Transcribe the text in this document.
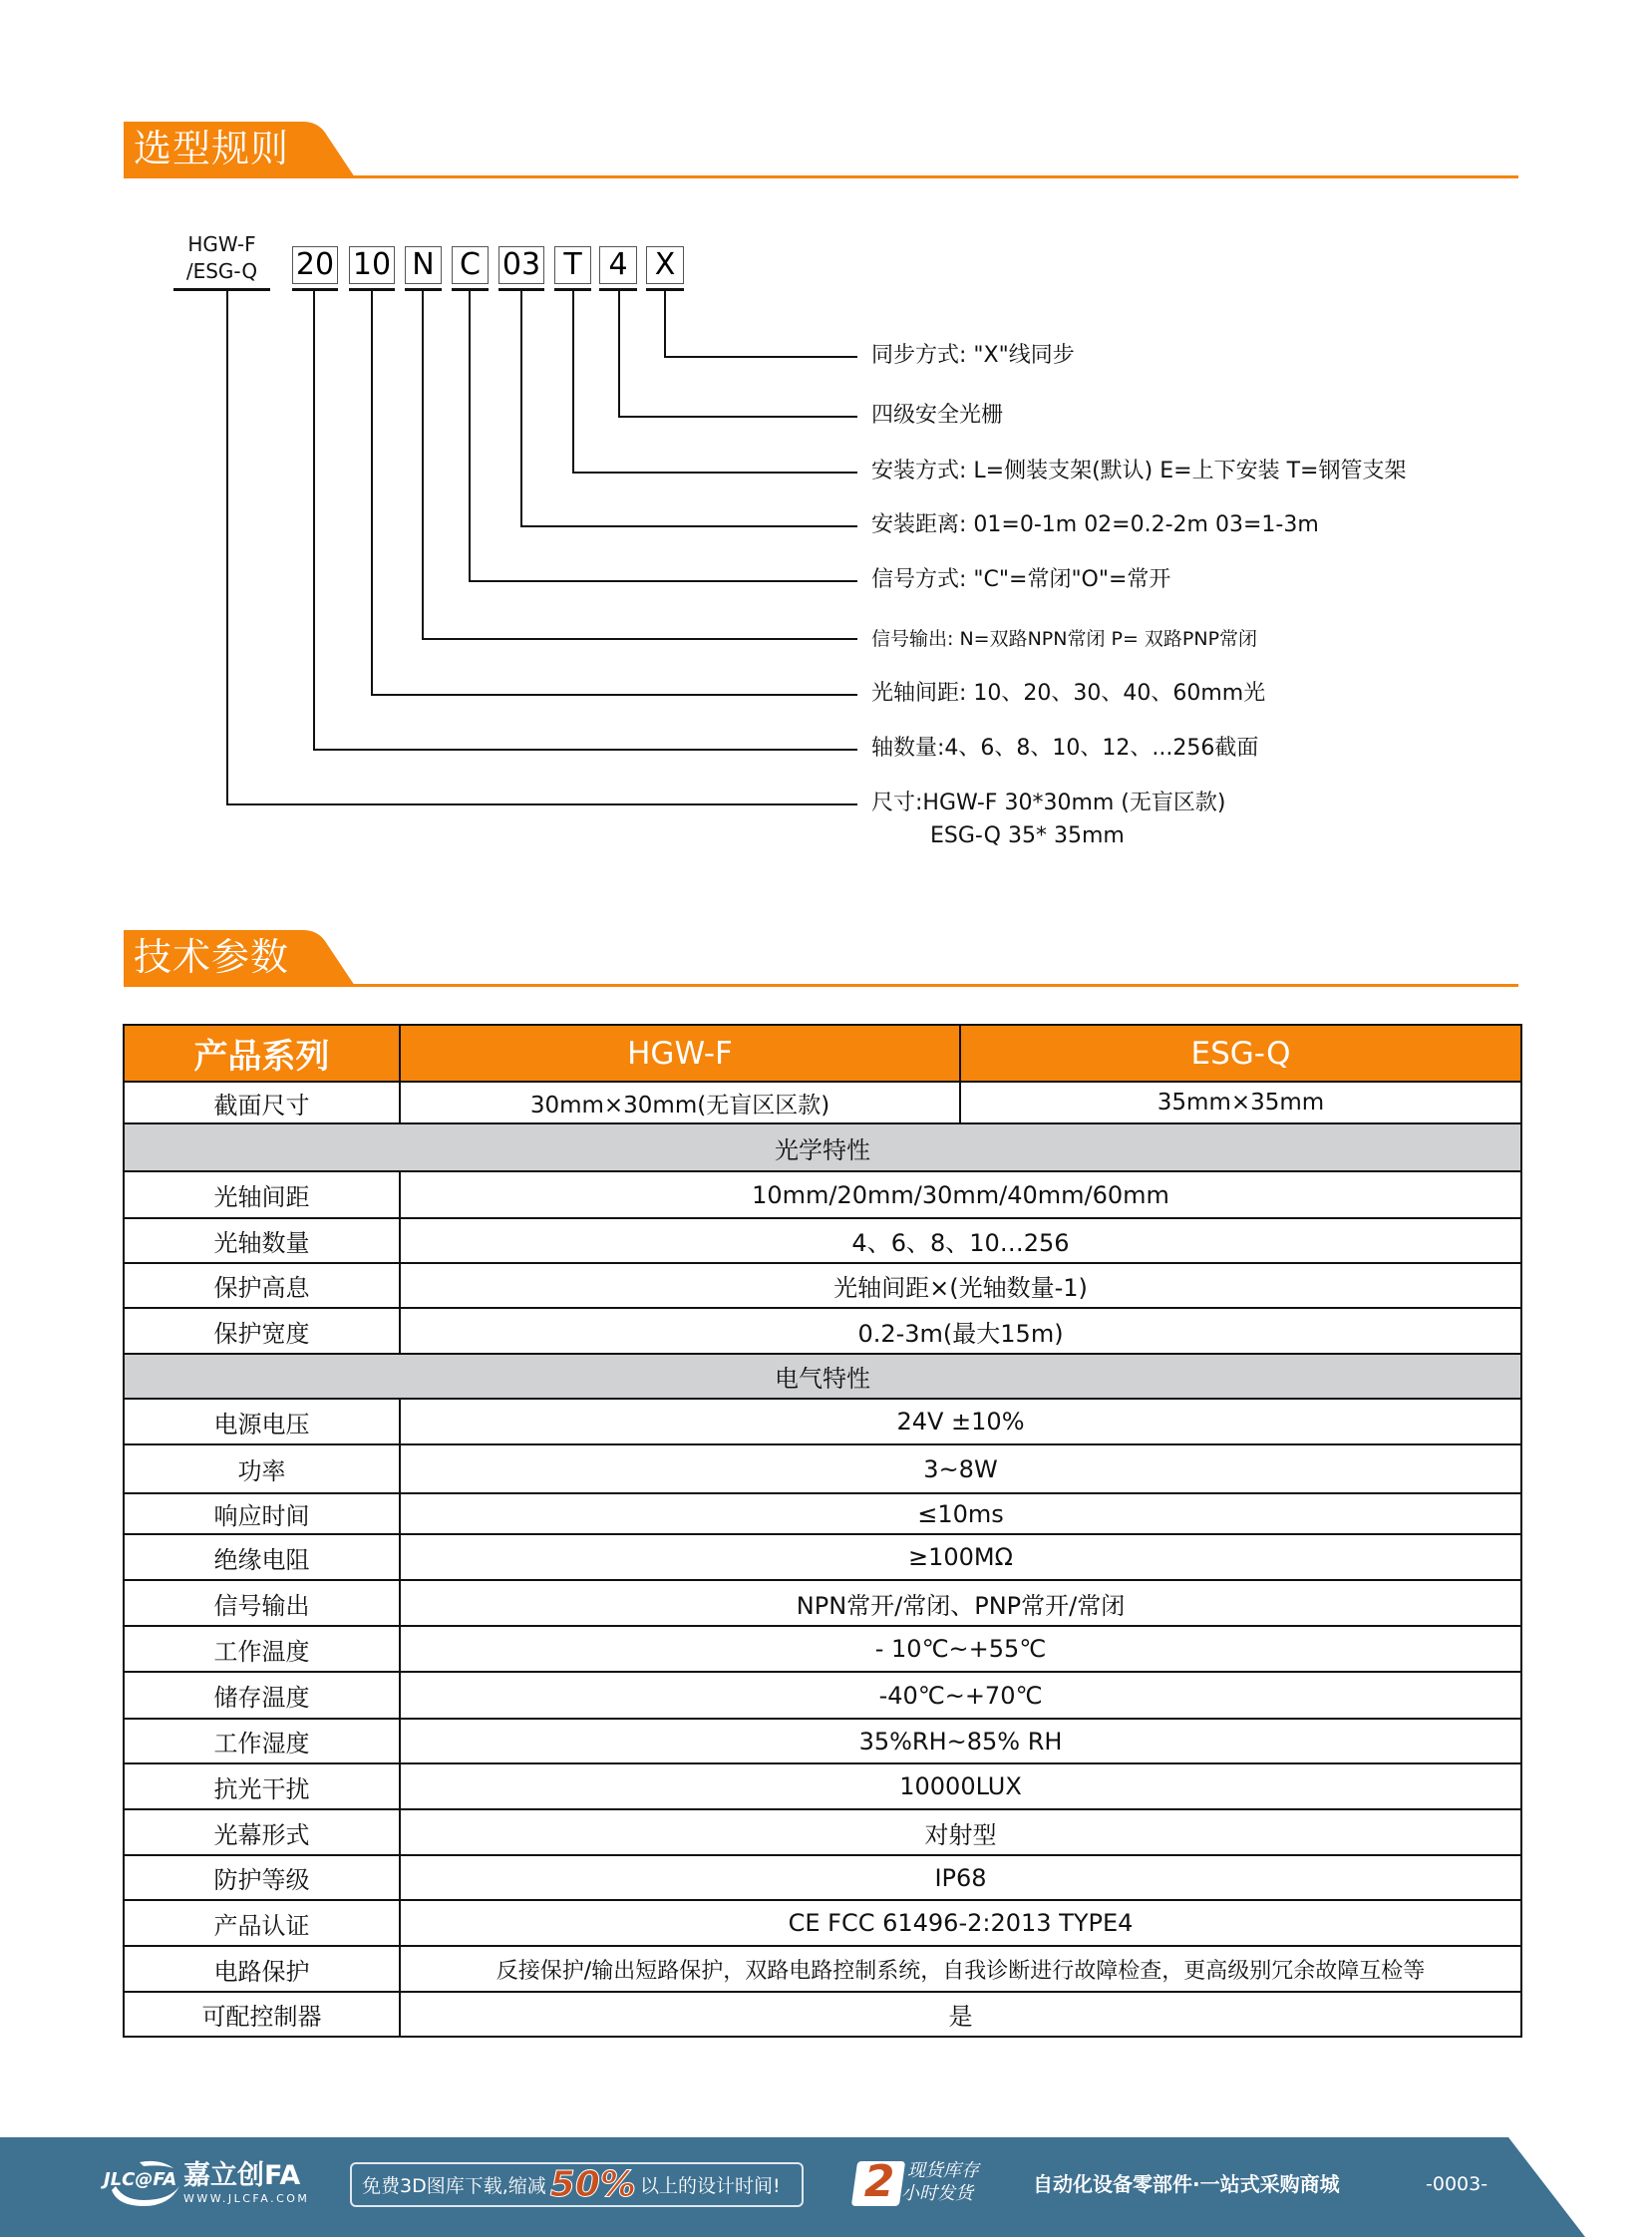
选型规则
HGW-F
/ESG-Q	20 10 N C 03 T 4 X
同步方式: "X"线同步
四级安全光栅
安装方式: L=侧装支架(默认) E=上下安装 T=钢管支架
安装距离: 01=0-1m 02=0.2-2m 03=1-3m
信号方式: "C"=常闭"O"=常开
信号输出: N=双路NPN常闭 P= 双路PNP常闭
光轴间距: 10、20、30、40、60mm光
轴数量:4、6、8、10、12、...256截面
尺寸:HGW-F 30*30mm (无盲区款)
ESG-Q 35* 35mm
技术参数
产品系列	HGW-F	ESG-Q
截面尺寸	30mm×30mm(无盲区区款)	35mm×35mm
光学特性		
光轴间距	10mm/20mm/30mm/40mm/60mm	
光轴数量	4、6、8、10…256	
保护高息	光轴间距×(光轴数量-1)	
保护宽度	0.2-3m(最大15m)	
电气特性		
电源电压	24V ±10%	
功率	3~8W	
响应时间	≤10ms	
绝缘电阻	≥100MΩ	
信号输出	NPN常开/常闭、PNP常开/常闭	
工作温度	- 10℃~+55℃	
储存温度	-40℃~+70℃	
工作湿度	35%RH~85% RH	
抗光干扰	10000LUX	
光幕形式	对射型	
防护等级	IP68	
产品认证	CE FCC 61496-2:2013 TYPE4	
电路保护	反接保护/输出短路保护，双路电路控制系统，自我诊断进行故障检查，更高级别冗余故障互检等	
可配控制器	是	
JLC@FA 嘉立创FA
WWW.JLCFA.COM
免费3D图库下载,缩减 50% 以上的设计时间!	2 现货库存
小时发货	自动化设备零部件·一站式采购商城	-0003-
